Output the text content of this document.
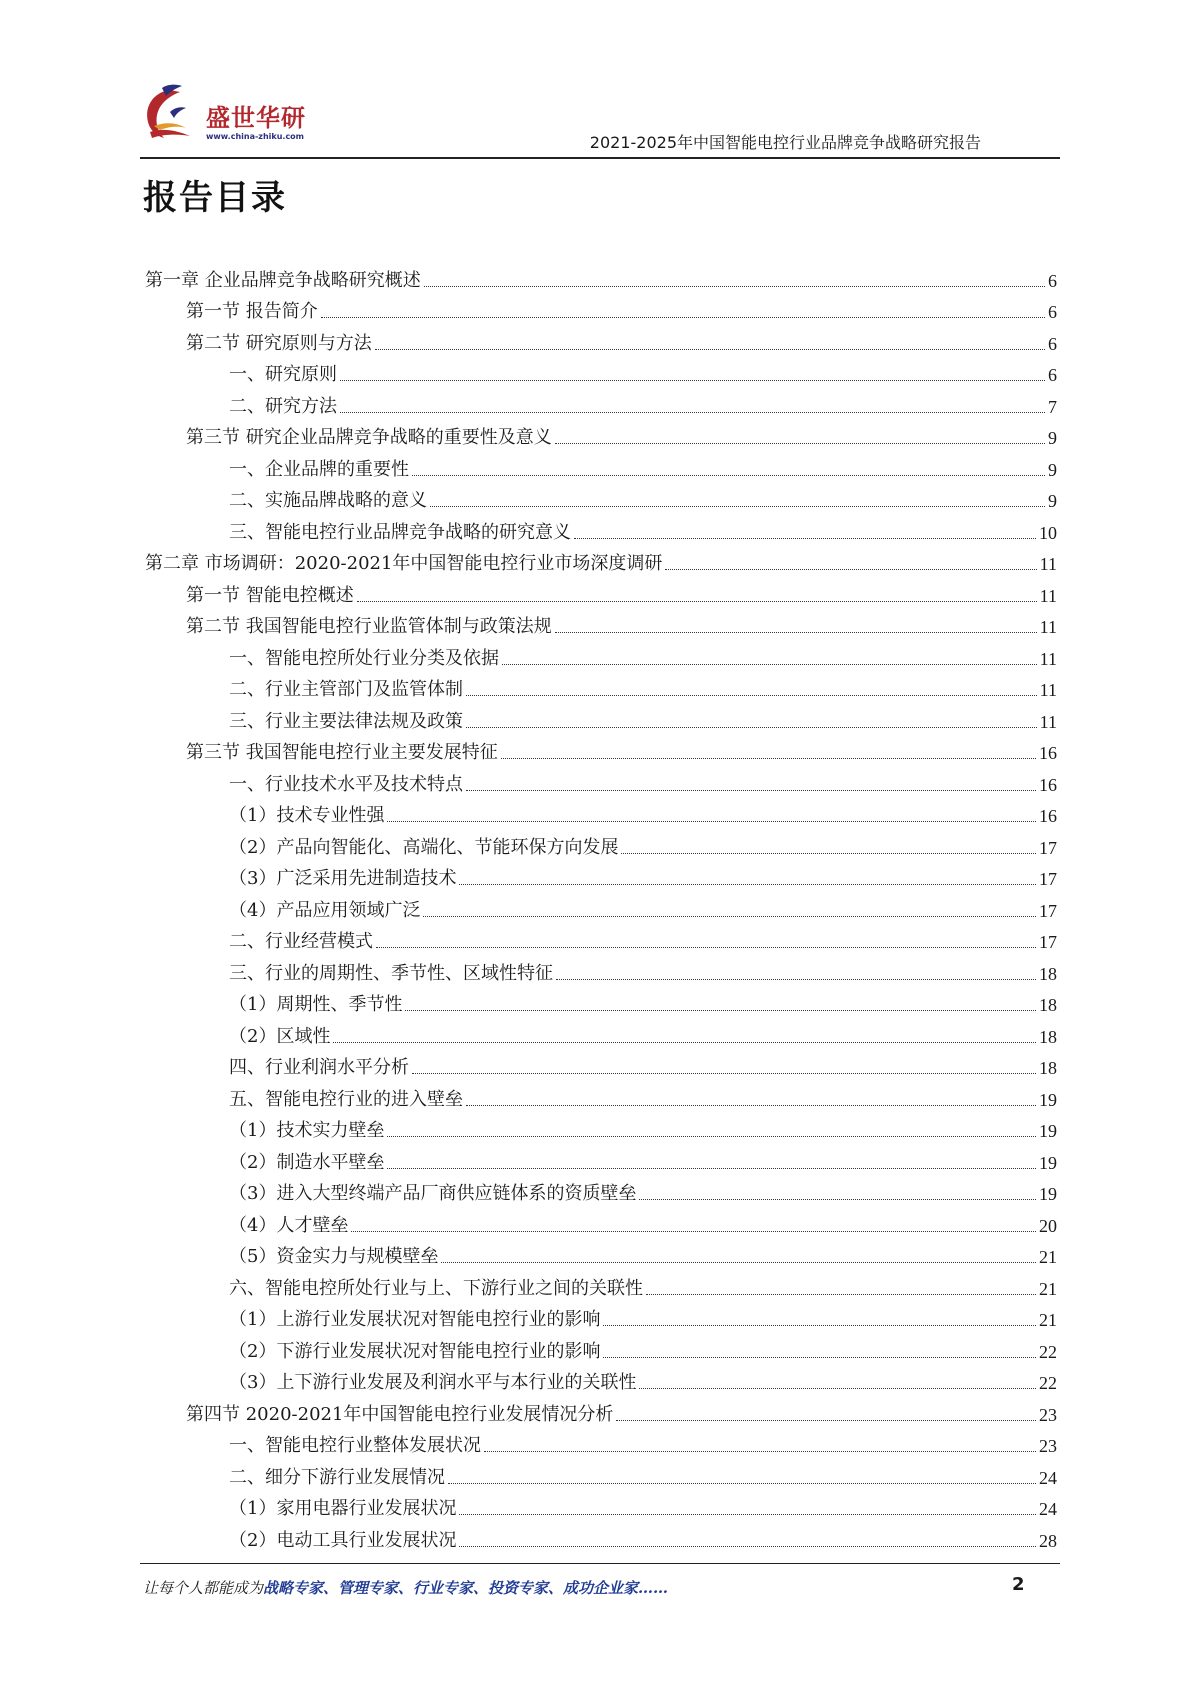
盛世华研
www.china-zhiku.com	2021-2025年中国智能电控行业品牌竞争战略研究报告
报告目录
第一章 企业品牌竞争战略研究概述	6
第一节 报告简介	6
第二节 研究原则与方法	6
一、研究原则	6
二、研究方法	7
第三节 研究企业品牌竞争战略的重要性及意义	9
一、企业品牌的重要性	9
二、实施品牌战略的意义	9
三、智能电控行业品牌竞争战略的研究意义	10
第二章 市场调研：2020-2021年中国智能电控行业市场深度调研	11
第一节 智能电控概述	11
第二节 我国智能电控行业监管体制与政策法规	11
一、智能电控所处行业分类及依据	11
二、行业主管部门及监管体制	11
三、行业主要法律法规及政策	11
第三节 我国智能电控行业主要发展特征	16
一、行业技术水平及技术特点	16
（1）技术专业性强	16
（2）产品向智能化、高端化、节能环保方向发展	17
（3）广泛采用先进制造技术	17
（4）产品应用领域广泛	17
二、行业经营模式	17
三、行业的周期性、季节性、区域性特征	18
（1）周期性、季节性	18
（2）区域性	18
四、行业利润水平分析	18
五、智能电控行业的进入壁垒	19
（1）技术实力壁垒	19
（2）制造水平壁垒	19
（3）进入大型终端产品厂商供应链体系的资质壁垒	19
（4）人才壁垒	20
（5）资金实力与规模壁垒	21
六、智能电控所处行业与上、下游行业之间的关联性	21
（1）上游行业发展状况对智能电控行业的影响	21
（2）下游行业发展状况对智能电控行业的影响	22
（3）上下游行业发展及利润水平与本行业的关联性	22
第四节 2020-2021年中国智能电控行业发展情况分析	23
一、智能电控行业整体发展状况	23
二、细分下游行业发展情况	24
（1）家用电器行业发展状况	24
（2）电动工具行业发展状况	28
让每个人都能成为战略专家、管理专家、行业专家、投资专家、成功企业家……	2
